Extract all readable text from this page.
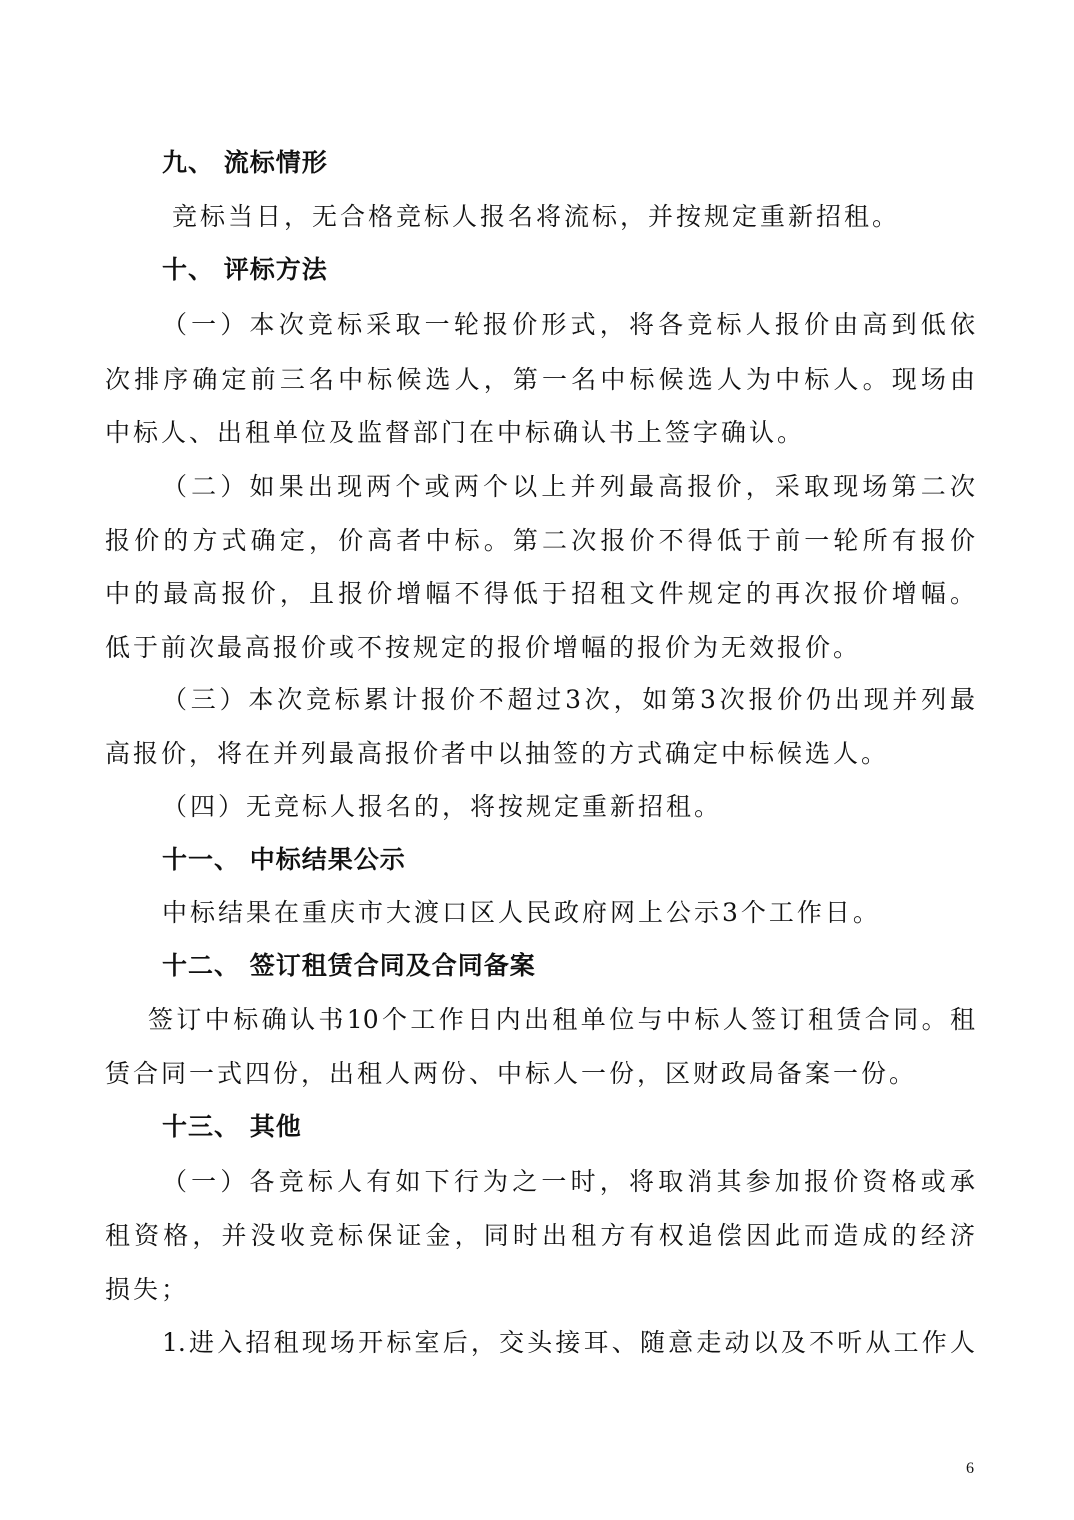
九、 流标情形
竞标当日，无合格竞标人报名将流标，并按规定重新招租。
十、 评标方法
（一）本次竞标采取一轮报价形式，将各竞标人报价由高到低依
次排序确定前三名中标候选人，第一名中标候选人为中标人。现场由
中标人、出租单位及监督部门在中标确认书上签字确认。
（二）如果出现两个或两个以上并列最高报价，采取现场第二次
报价的方式确定，价高者中标。第二次报价不得低于前一轮所有报价
中的最高报价，且报价增幅不得低于招租文件规定的再次报价增幅。
低于前次最高报价或不按规定的报价增幅的报价为无效报价。
（三）本次竞标累计报价不超过3次，如第3次报价仍出现并列最
高报价，将在并列最高报价者中以抽签的方式确定中标候选人。
（四）无竞标人报名的，将按规定重新招租。
十一、 中标结果公示
中标结果在重庆市大渡口区人民政府网上公示3个工作日。
十二、 签订租赁合同及合同备案
签订中标确认书10个工作日内出租单位与中标人签订租赁合同。租
赁合同一式四份，出租人两份、中标人一份，区财政局备案一份。
十三、 其他
（一）各竞标人有如下行为之一时，将取消其参加报价资格或承
租资格，并没收竞标保证金，同时出租方有权追偿因此而造成的经济
损失；
1.进入招租现场开标室后，交头接耳、随意走动以及不听从工作人
6
